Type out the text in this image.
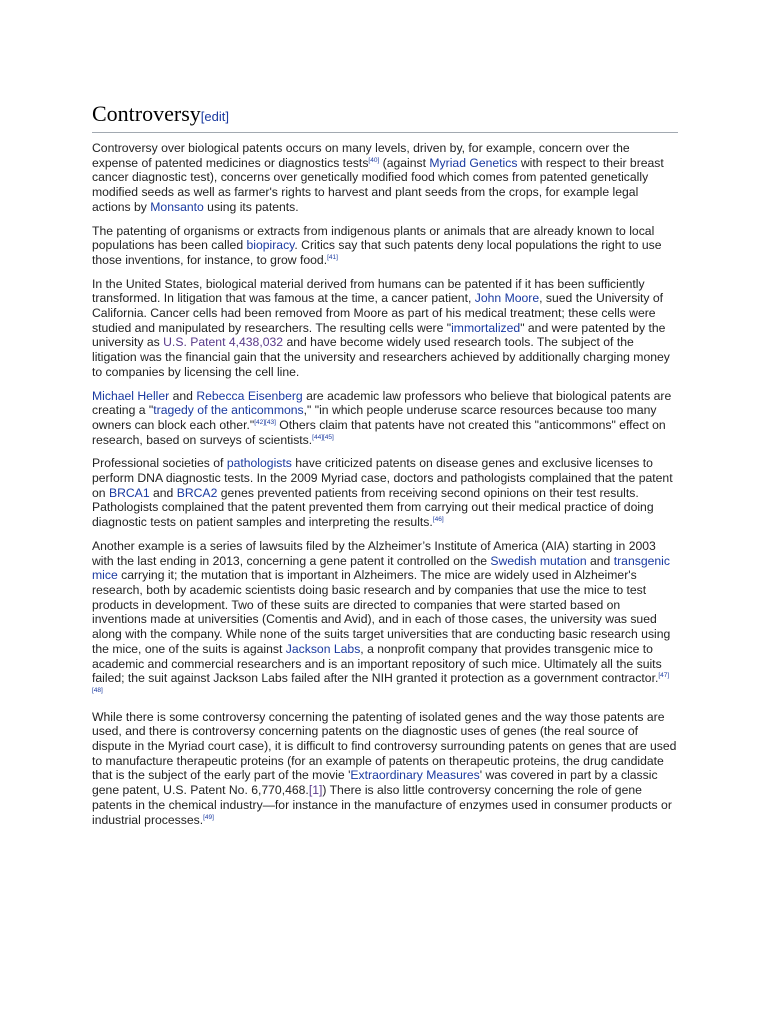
Controversy[edit]

Controversy over biological patents occurs on many levels, driven by, for example, concern over the expense of patented medicines or diagnostics tests[40] (against Myriad Genetics with respect to their breast cancer diagnostic test), concerns over genetically modified food which comes from patented genetically modified seeds as well as farmer's rights to harvest and plant seeds from the crops, for example legal actions by Monsanto using its patents.

The patenting of organisms or extracts from indigenous plants or animals that are already known to local populations has been called biopiracy. Critics say that such patents deny local populations the right to use those inventions, for instance, to grow food.[41]

In the United States, biological material derived from humans can be patented if it has been sufficiently transformed. In litigation that was famous at the time, a cancer patient, John Moore, sued the University of California. Cancer cells had been removed from Moore as part of his medical treatment; these cells were studied and manipulated by researchers. The resulting cells were "immortalized" and were patented by the university as U.S. Patent 4,438,032 and have become widely used research tools. The subject of the litigation was the financial gain that the university and researchers achieved by additionally charging money to companies by licensing the cell line.

Michael Heller and Rebecca Eisenberg are academic law professors who believe that biological patents are creating a "tragedy of the anticommons," "in which people underuse scarce resources because too many owners can block each other."[42][43] Others claim that patents have not created this "anticommons" effect on research, based on surveys of scientists.[44][45]

Professional societies of pathologists have criticized patents on disease genes and exclusive licenses to perform DNA diagnostic tests. In the 2009 Myriad case, doctors and pathologists complained that the patent on BRCA1 and BRCA2 genes prevented patients from receiving second opinions on their test results. Pathologists complained that the patent prevented them from carrying out their medical practice of doing diagnostic tests on patient samples and interpreting the results.[46]

Another example is a series of lawsuits filed by the Alzheimer’s Institute of America (AIA) starting in 2003 with the last ending in 2013, concerning a gene patent it controlled on the Swedish mutation and transgenic mice carrying it; the mutation that is important in Alzheimers. The mice are widely used in Alzheimer's research, both by academic scientists doing basic research and by companies that use the mice to test products in development. Two of these suits are directed to companies that were started based on inventions made at universities (Comentis and Avid), and in each of those cases, the university was sued along with the company. While none of the suits target universities that are conducting basic research using the mice, one of the suits is against Jackson Labs, a nonprofit company that provides transgenic mice to academic and commercial researchers and is an important repository of such mice. Ultimately all the suits failed; the suit against Jackson Labs failed after the NIH granted it protection as a government contractor.[47][48]

While there is some controversy concerning the patenting of isolated genes and the way those patents are used, and there is controversy concerning patents on the diagnostic uses of genes (the real source of dispute in the Myriad court case), it is difficult to find controversy surrounding patents on genes that are used to manufacture therapeutic proteins (for an example of patents on therapeutic proteins, the drug candidate that is the subject of the early part of the movie 'Extraordinary Measures' was covered in part by a classic gene patent, U.S. Patent No. 6,770,468.[1]) There is also little controversy concerning the role of gene patents in the chemical industry—for instance in the manufacture of enzymes used in consumer products or industrial processes.[49]
